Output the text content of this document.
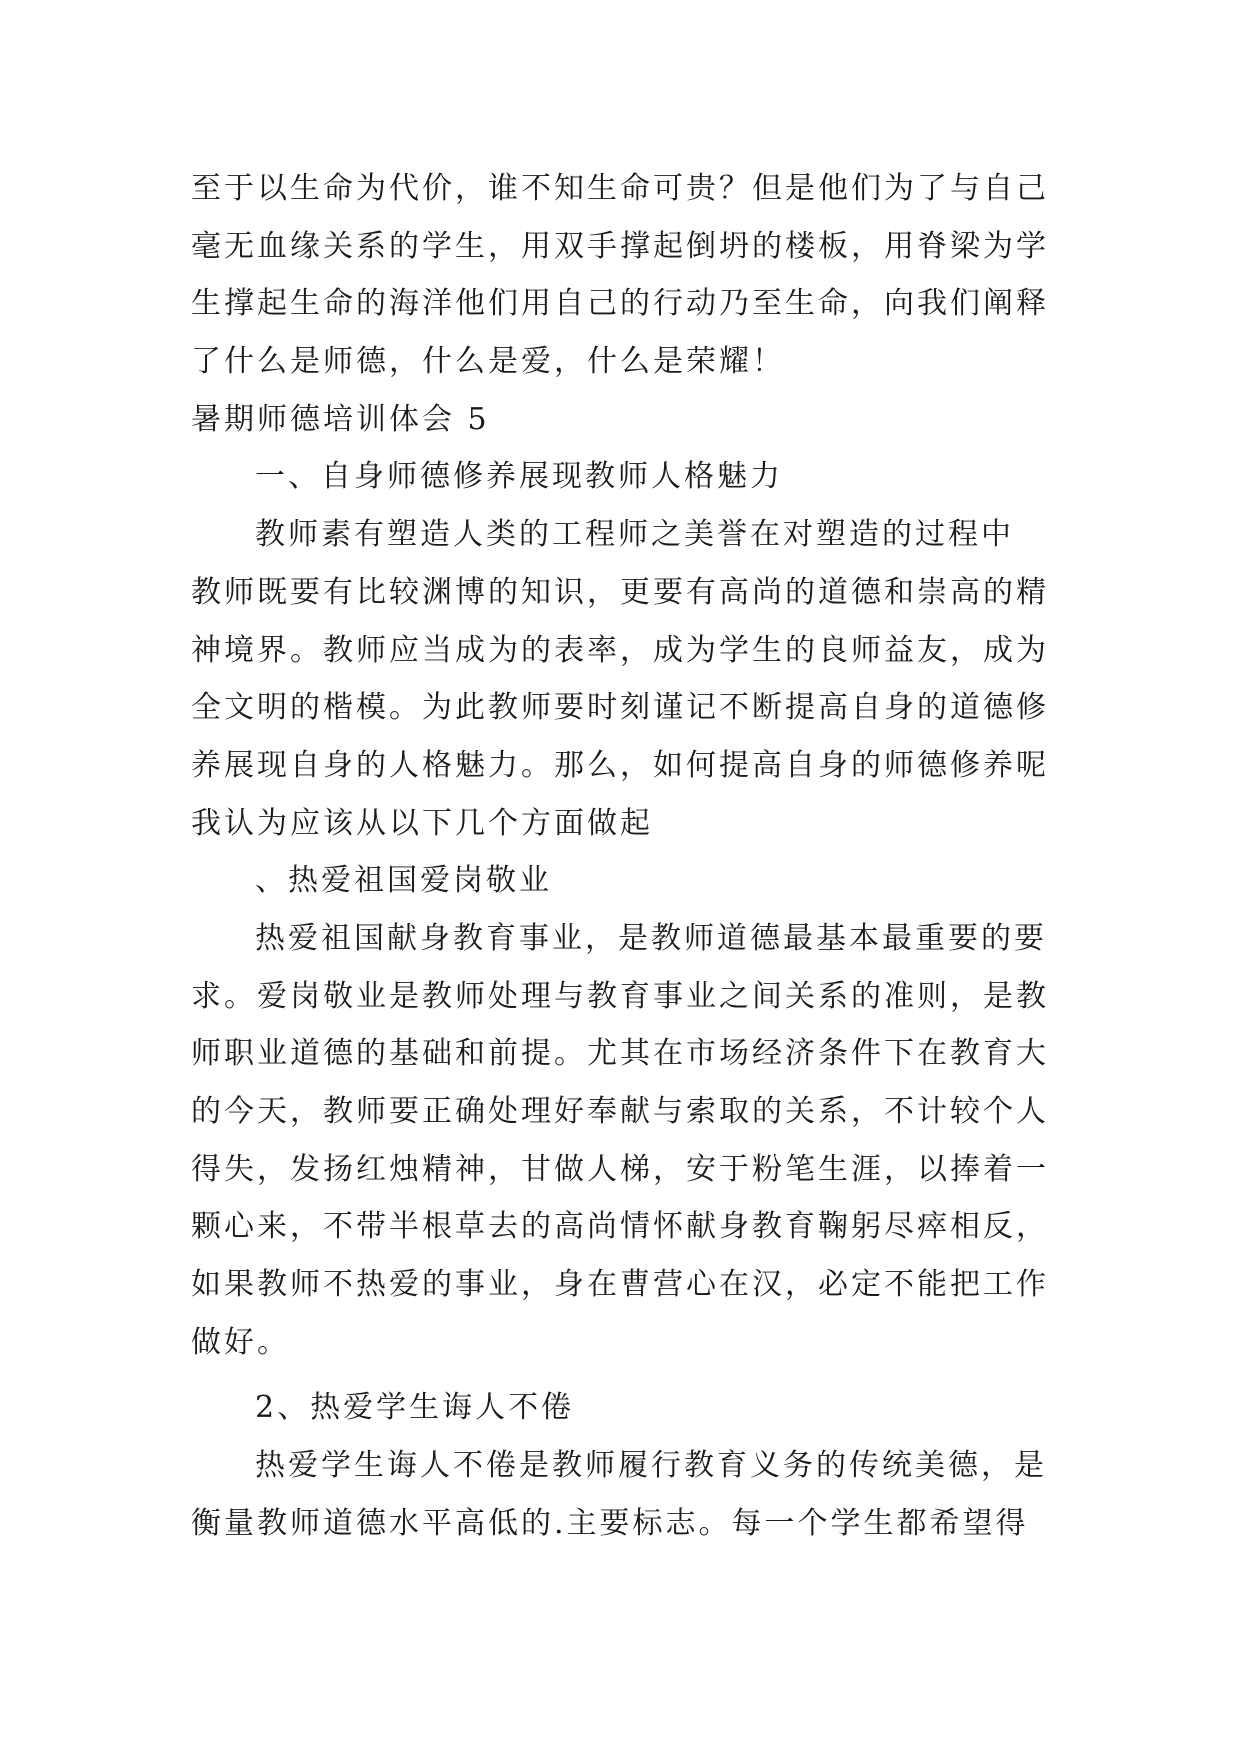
至于以生命为代价，谁不知生命可贵？但是他们为了与自己
毫无血缘关系的学生，用双手撑起倒坍的楼板，用脊梁为学
生撑起生命的海洋他们用自己的行动乃至生命，向我们阐释
了什么是师德，什么是爱，什么是荣耀！
暑期师德培训体会 5
一、自身师德修养展现教师人格魅力
教师素有塑造人类的工程师之美誉在对塑造的过程中
教师既要有比较渊博的知识，更要有高尚的道德和崇高的精
神境界。教师应当成为的表率，成为学生的良师益友，成为
全文明的楷模。为此教师要时刻谨记不断提高自身的道德修
养展现自身的人格魅力。那么，如何提高自身的师德修养呢
我认为应该从以下几个方面做起
、热爱祖国爱岗敬业
热爱祖国献身教育事业，是教师道德最基本最重要的要
求。爱岗敬业是教师处理与教育事业之间关系的准则，是教
师职业道德的基础和前提。尤其在市场经济条件下在教育大
的今天，教师要正确处理好奉献与索取的关系，不计较个人
得失，发扬红烛精神，甘做人梯，安于粉笔生涯，以捧着一
颗心来，不带半根草去的高尚情怀献身教育鞠躬尽瘁相反，
如果教师不热爱的事业，身在曹营心在汉，必定不能把工作
做好。
2、热爱学生诲人不倦
热爱学生诲人不倦是教师履行教育义务的传统美德，是
衡量教师道德水平高低的.主要标志。每一个学生都希望得
